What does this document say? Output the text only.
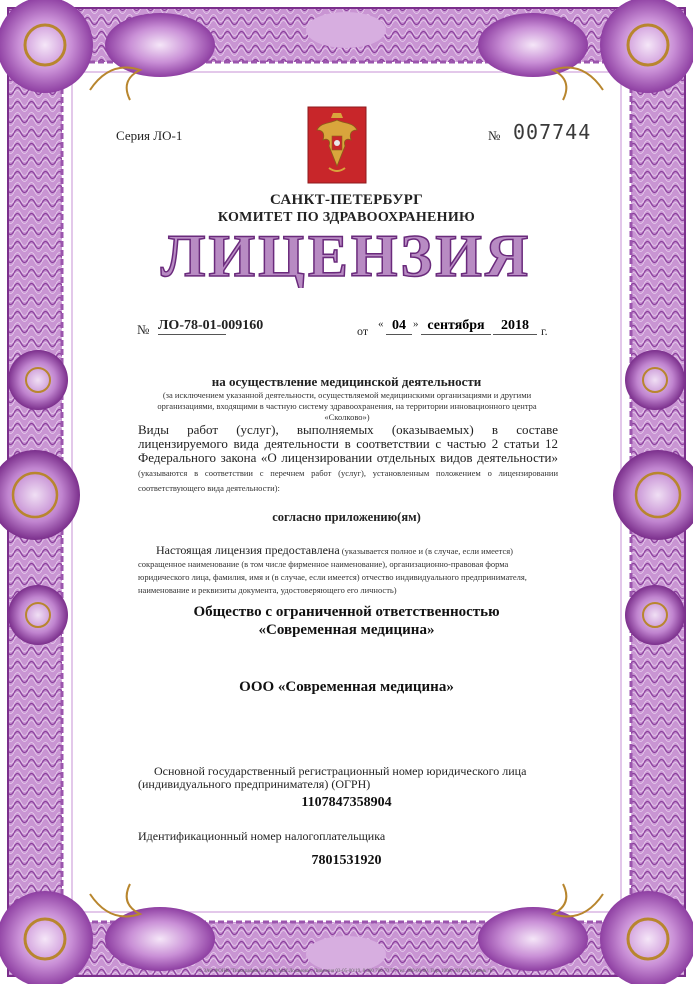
Серия ЛО-1	№ 007744

САНКТ-ПЕТЕРБУРГ

КОМИТЕТ ПО ЗДРАВООХРАНЕНИЮ

ЛИЦЕНЗИЯ

№ ЛО-78-01-009160	от « 04 » сентября	2018	г.

на осуществление медицинской деятельности

(за исключением указанной деятельности, осуществляемой медицинскими организациями и другими организациями, входящими в частную систему здравоохранения, на территории инновационного центра «Сколково»)

Виды работ (услуг), выполняемых (оказываемых) в составе лицензируемого вида деятельности в соответствии с частью 2 статьи 12 Федерального закона «О лицензировании отдельных видов деятельности» (указываются в соответствии с перечнем работ (услуг), установленным положением о лицензировании соответствующего вида деятельности):

согласно приложению(ям)

Настоящая лицензия предоставлена (указывается полное и (в случае, если имеется) сокращенное наименование (в том числе фирменное наименование), организационно-правовая форма юридического лица, фамилия, имя и (в случае, если имеется) отчество индивидуального предпринимателя, наименование и реквизиты документа, удостоверяющего его личность)

Общество с ограниченной ответственностью

«Современная медицина»

ООО «Современная медицина»

Основной государственный регистрационный номер юридического лица (индивидуального предпринимателя) (ОГРН)

1107847358904

Идентификационный номер налогоплательщика

7801531920

© ЗАО ФОНК "Типография №12 им. М.И.Лоханова", Лицензия 03-05-00/19, 8 800 700 70 77, тел. 600-00-00, Тир. 1000, 2017 г. Уровень "Б"
